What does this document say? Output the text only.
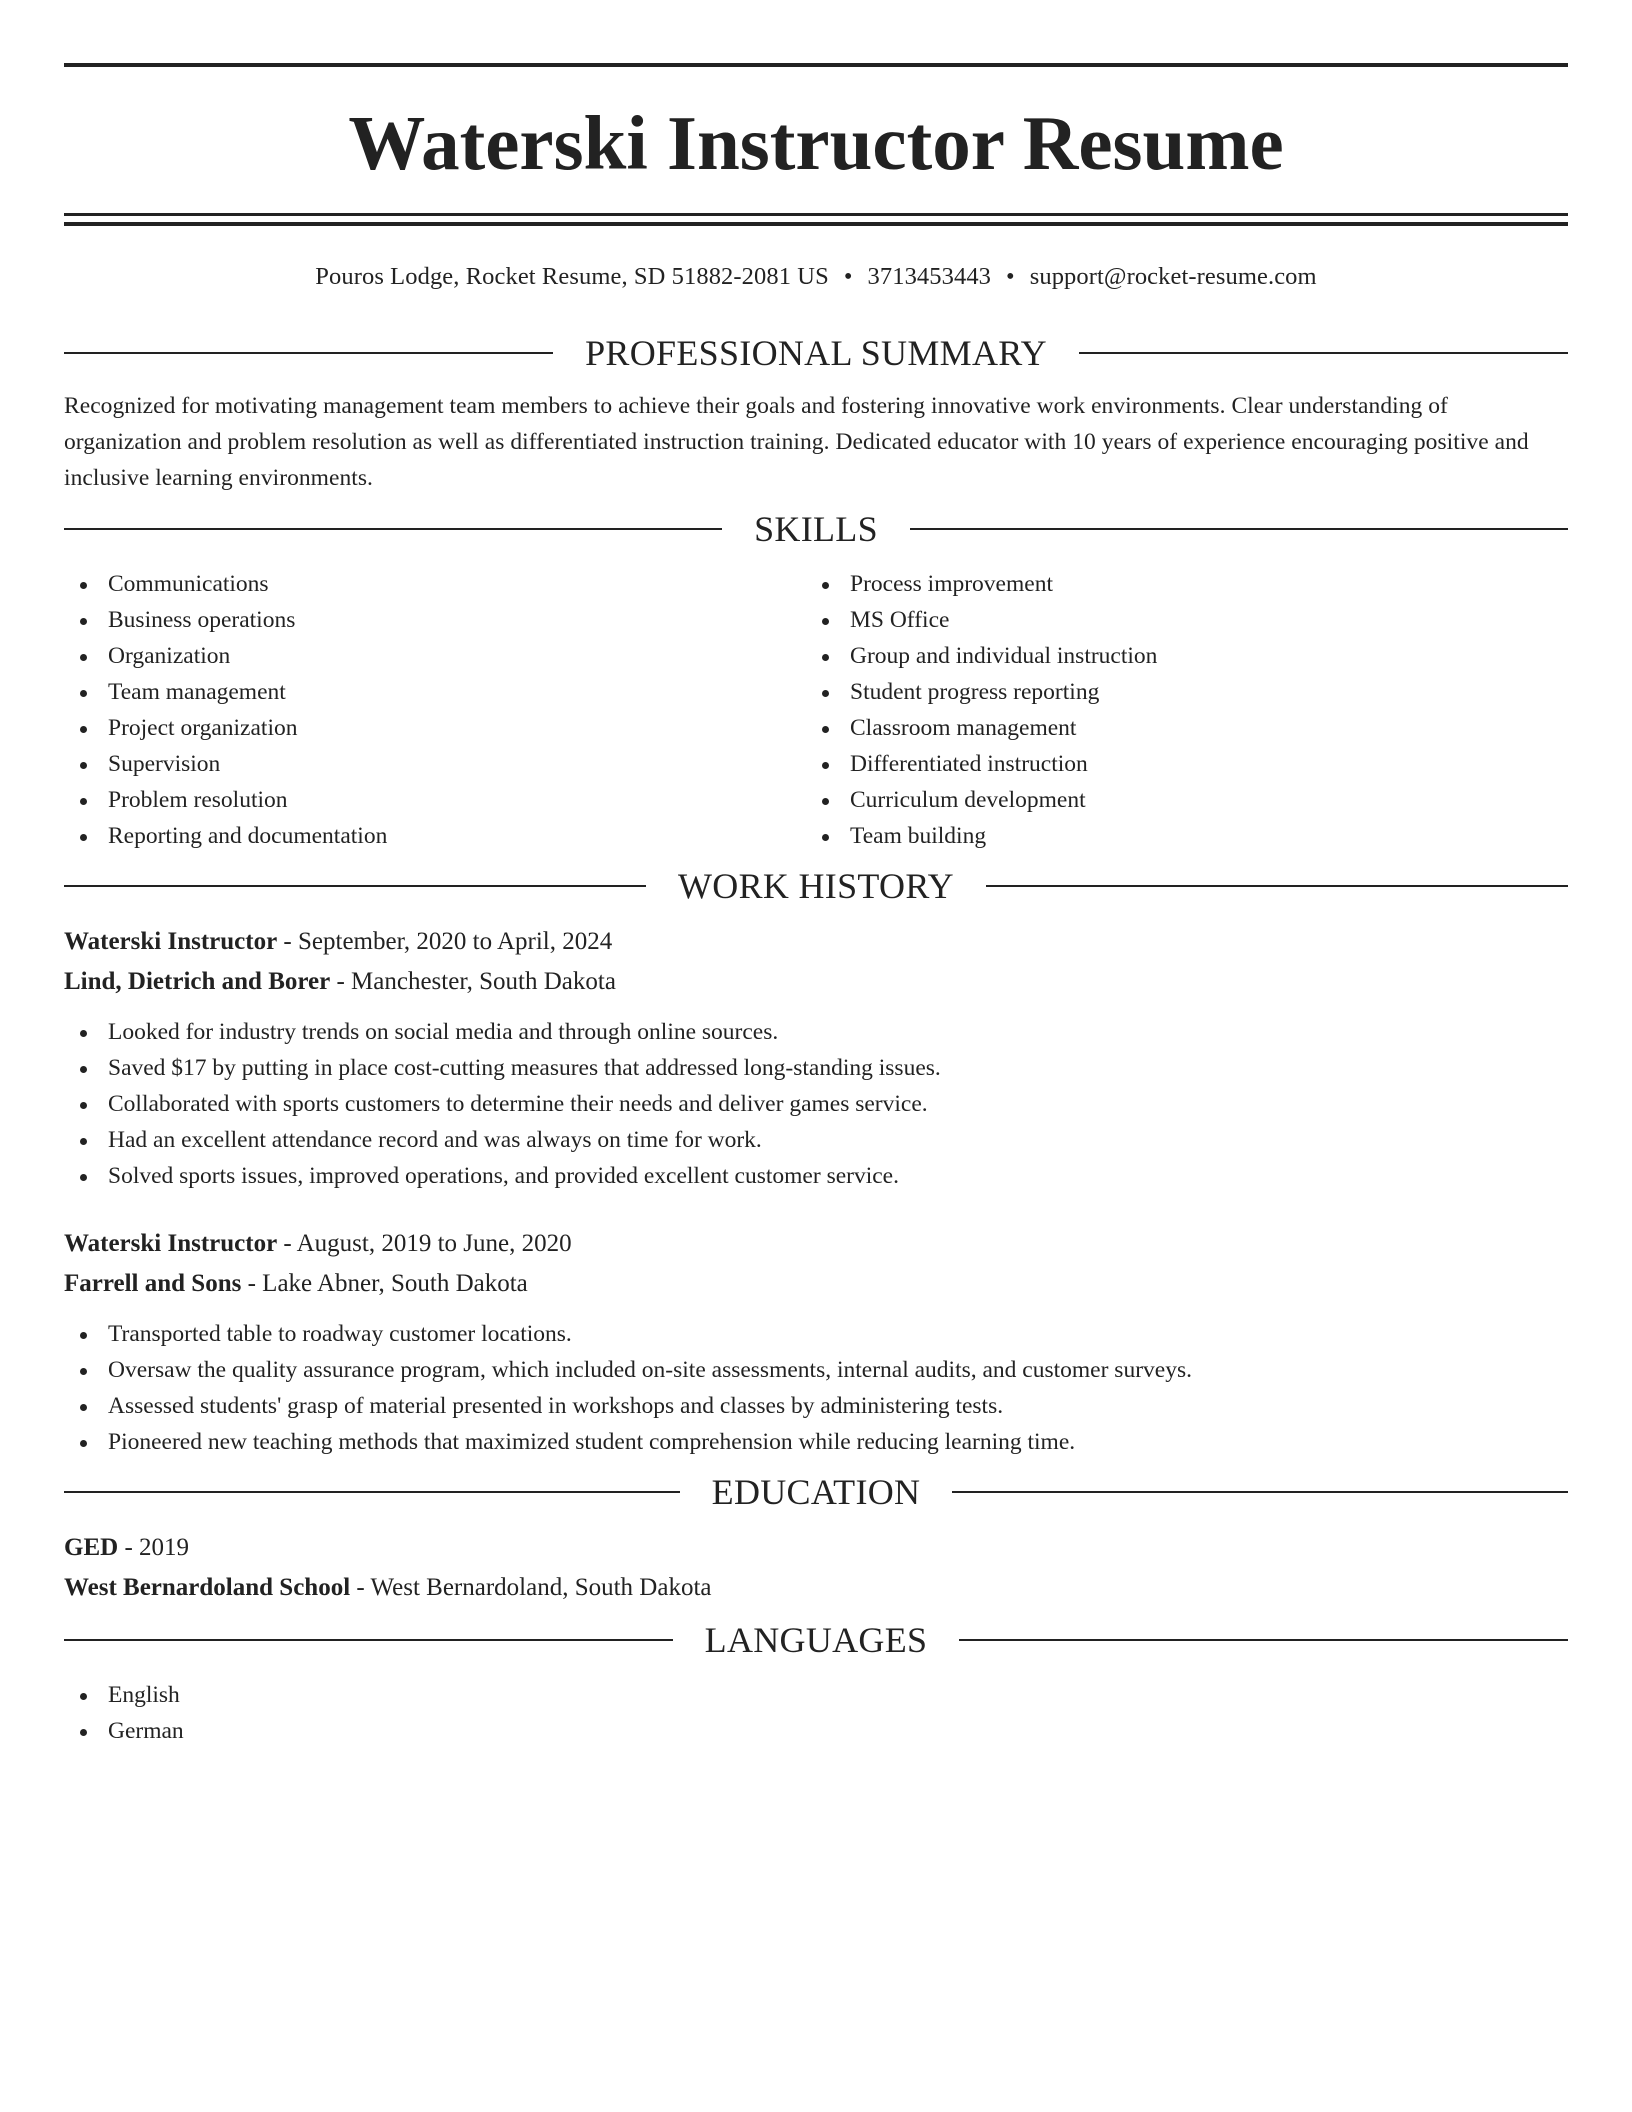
Waterski Instructor Resume
Pouros Lodge, Rocket Resume, SD 51882-2081 US • 3713453443 • support@rocket-resume.com
PROFESSIONAL SUMMARY

Recognized for motivating management team members to achieve their goals and fostering innovative work environments. Clear understanding of organization and problem resolution as well as differentiated instruction training. Dedicated educator with 10 years of experience encouraging positive and inclusive learning environments.

SKILLS
Communications
Business operations
Organization
Team management
Project organization
Supervision
Problem resolution
Reporting and documentation
Process improvement
MS Office
Group and individual instruction
Student progress reporting
Classroom management
Differentiated instruction
Curriculum development
Team building
WORK HISTORY
Waterski Instructor - September, 2020 to April, 2024
Lind, Dietrich and Borer - Manchester, South Dakota
Looked for industry trends on social media and through online sources.
Saved $17 by putting in place cost-cutting measures that addressed long-standing issues.
Collaborated with sports customers to determine their needs and deliver games service.
Had an excellent attendance record and was always on time for work.
Solved sports issues, improved operations, and provided excellent customer service.
Waterski Instructor - August, 2019 to June, 2020
Farrell and Sons - Lake Abner, South Dakota
Transported table to roadway customer locations.
Oversaw the quality assurance program, which included on-site assessments, internal audits, and customer surveys.
Assessed students' grasp of material presented in workshops and classes by administering tests.
Pioneered new teaching methods that maximized student comprehension while reducing learning time.
EDUCATION
GED - 2019
West Bernardoland School - West Bernardoland, South Dakota
LANGUAGES
English
German
